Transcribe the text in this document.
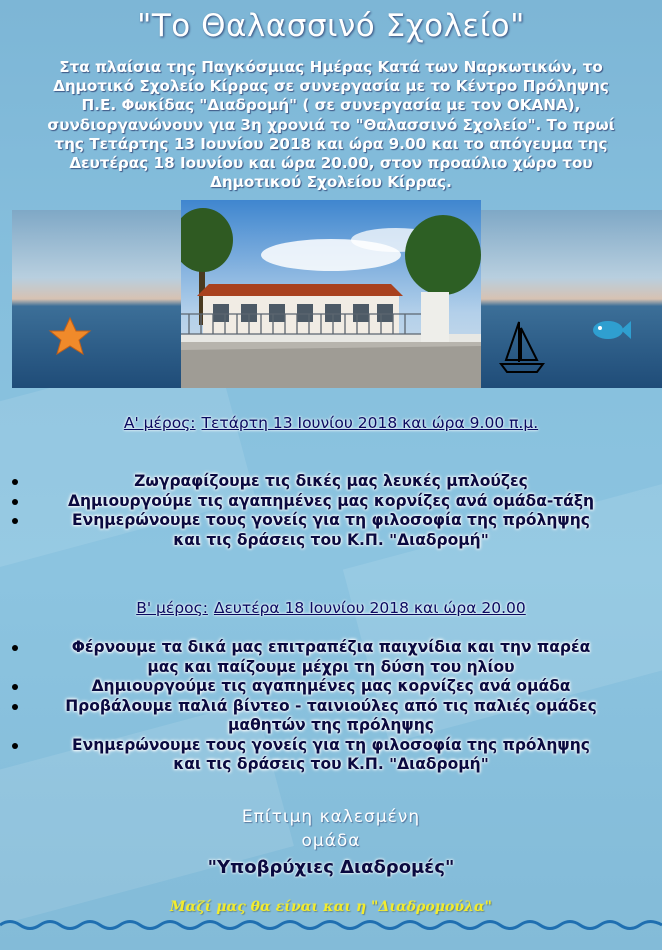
"Το Θαλασσινό Σχολείο"
Στα πλαίσια της Παγκόσμιας Ημέρας Κατά των Ναρκωτικών, το
Δημοτικό Σχολείο Κίρρας σε συνεργασία με το Κέντρο Πρόληψης
Π.Ε. Φωκίδας "Διαδρομή" ( σε συνεργασία με τον ΟΚΑΝΑ),
συνδιοργανώνουν για 3η χρονιά το "Θαλασσινό Σχολείο". Το πρωί
της Τετάρτης 13 Ιουνίου 2018 και ώρα 9.00 και το απόγευμα της
Δευτέρας 18 Ιουνίου και ώρα 20.00, στον προαύλιο χώρο του
Δημοτικού Σχολείου Κίρρας.
Α' μέρος: Τετάρτη 13 Ιουνίου 2018 και ώρα 9.00 π.μ.
Ζωγραφίζουμε τις δικές μας λευκές μπλούζες
Δημιουργούμε τις αγαπημένες μας κορνίζες ανά ομάδα-τάξη
Ενημερώνουμε τους γονείς για τη φιλοσοφία της πρόληψης
και τις δράσεις του Κ.Π. "Διαδρομή"
Β' μέρος: Δευτέρα 18 Ιουνίου 2018 και ώρα 20.00
Φέρνουμε τα δικά μας επιτραπέζια παιχνίδια και την παρέα
μας και παίζουμε μέχρι τη δύση του ηλίου
Δημιουργούμε τις αγαπημένες μας κορνίζες ανά ομάδα
Προβάλουμε παλιά βίντεο - ταινιούλες από τις παλιές ομάδες
μαθητών της πρόληψης
Ενημερώνουμε τους γονείς για τη φιλοσοφία της πρόληψης
και τις δράσεις του Κ.Π. "Διαδρομή"
Επίτιμη καλεσμένη
ομάδα
"Υποβρύχιες Διαδρομές"
Μαζί μας θα είναι και η "Διαδρομούλα"
